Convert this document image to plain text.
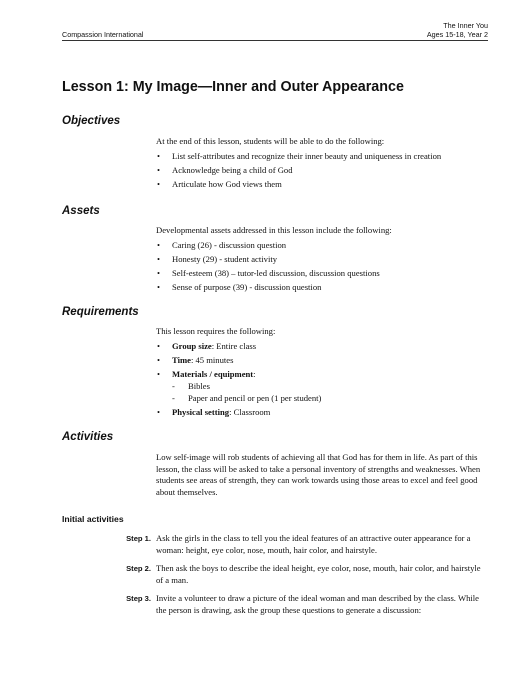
The Inner You
Ages 15-18, Year 2
Compassion International
Lesson 1: My Image—Inner and Outer Appearance
Objectives

At the end of this lesson, students will be able to do the following:

• List self-attributes and recognize their inner beauty and uniqueness in creation
• Acknowledge being a child of God
• Articulate how God views them
Assets

Developmental assets addressed in this lesson include the following:

• Caring (26) - discussion question
• Honesty (29) - student activity
• Self-esteem (38) – tutor-led discussion, discussion questions
• Sense of purpose (39) - discussion question
Requirements

This lesson requires the following:

• Group size: Entire class
• Time: 45 minutes
• Materials / equipment:
- Bibles
- Paper and pencil or pen (1 per student)
• Physical setting: Classroom
Activities

Low self-image will rob students of achieving all that God has for them in life. As part of this lesson, the class will be asked to take a personal inventory of strengths and weaknesses. When students see areas of strength, they can work towards using those areas to excel and feel good about themselves.

Initial activities
Step 1. Ask the girls in the class to tell you the ideal features of an attractive outer appearance for a woman: height, eye color, nose, mouth, hair color, and hairstyle.
Step 2. Then ask the boys to describe the ideal height, eye color, nose, mouth, hair color, and hairstyle of a man.
Step 3. Invite a volunteer to draw a picture of the ideal woman and man described by the class. While the person is drawing, ask the group these questions to generate a discussion:
